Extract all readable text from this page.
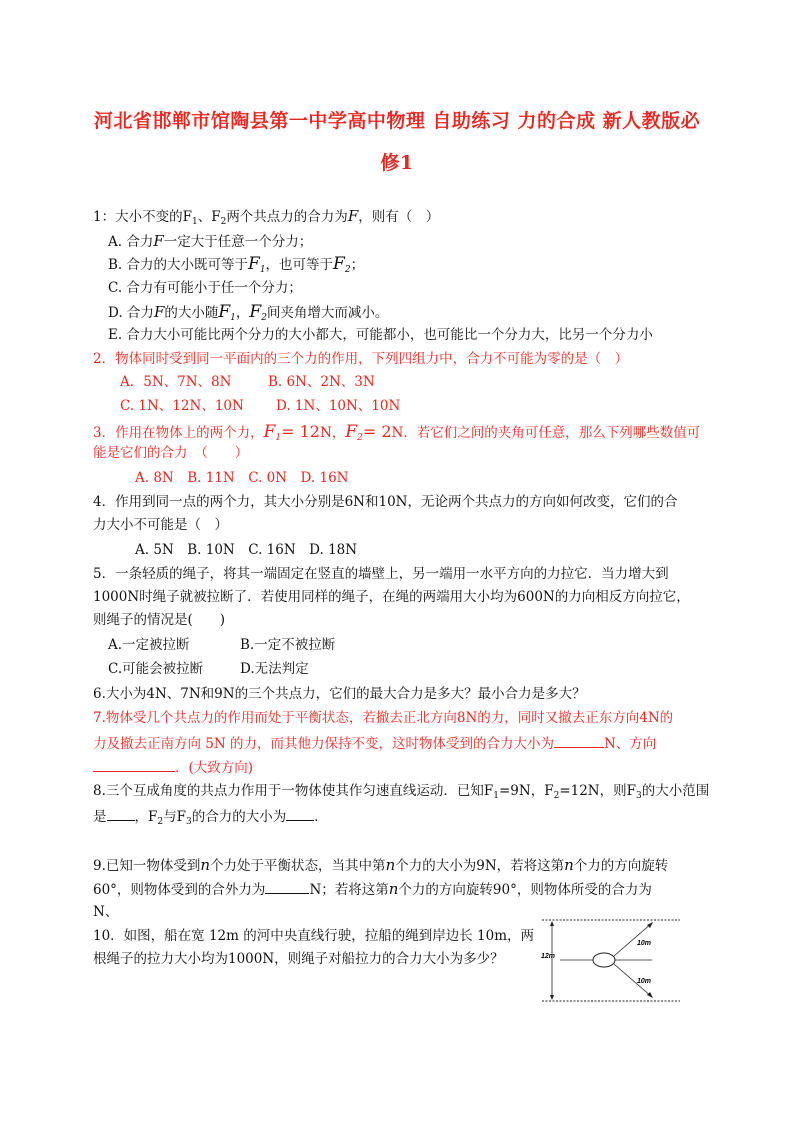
河北省邯郸市馆陶县第一中学高中物理 自助练习 力的合成 新人教版必
修1
1：大小不变的$F_1$、$F_2$两个共点力的合力为F，则有（　）
A. 合力F一定大于任意一个分力；
B. 合力的大小既可等于$F_1$，也可等于$F_2$；
C. 合力有可能小于任一个分力；
D. 合力F的大小随$F_1$，$F_2$间夹角增大而减小。
E. 合力大小可能比两个分力的大小都大，可能都小，也可能比一个分力大，比另一个分力小
2．物体同时受到同一平面内的三个力的作用，下列四组力中，合力不可能为零的是（　）
A．5N、7N、8N	B. 6N、2N、3N
C. 1N、12N、10N D. 1N、10N、10N
3．作用在物体上的两个力，$F_1= 12N$，$F_2= 2N$．若它们之间的夹角可任意，那么下列哪些数值可
能是它们的合力　（　　）
A. 8N　B. 11N　C. 0N　D. 16N
4．作用到同一点的两个力，其大小分别是6N和10N，无论两个共点力的方向如何改变，它们的合
力大小不可能是（　）
A. 5N　B. 10N　C. 16N　D. 18N
5．一条轻质的绳子，将其一端固定在竖直的墙壁上，另一端用一水平方向的力拉它．当力增大到
1000N时绳子就被拉断了．若使用同样的绳子，在绳的两端用大小均为600N的力向相反方向拉它，
则绳子的情况是(　　)
A.一定被拉断	B.一定不被拉断
C.可能会被拉断	D.无法判定
6.大小为4N、7N和9N的三个共点力，它们的最大合力是多大？最小合力是多大？
7.物体受几个共点力的作用而处于平衡状态，若撤去正北方向8N的力，同时又撤去正东方向4N的
力及撤去正南方向 5N 的力，而其他力保持不变，这时物体受到的合力大小为	N、方向
．(大致方向)
8.三个互成角度的共点力作用于一物体使其作匀速直线运动．已知$F_1=9N$，$F_2=12N$，则$F_3$的大小范围
是 ，$F_2$与$F_3$的合力的大小为 ．
9.已知一物体受到n个力处于平衡状态，当其中第n个力的大小为9N，若将这第n个力的方向旋转
60°，则物体受到的合外力为	N；若将这第n个力的方向旋转90°，则物体所受的合力为
N、
10．如图，船在宽 12m 的河中央直线行驶，拉船的绳到岸边长 10m，两
根绳子的拉力大小均为1000N，则绳子对船拉力的合力大小为多少？	12m
10m
10m
